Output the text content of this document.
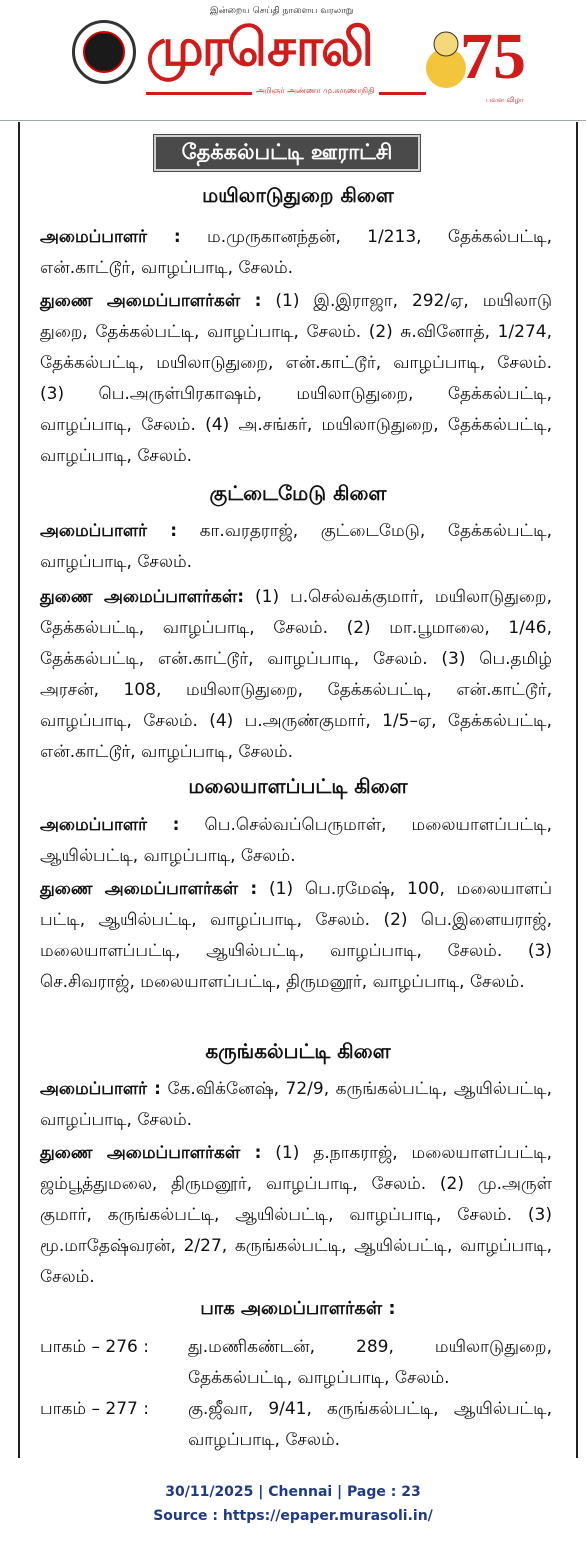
இன்றைய செய்தி நாளைய வரலாறு
முரசொலி
அறிஞர் அண்ணா மு.கருணாநிதி 75
பவள விழா
தேக்கல்பட்டி ஊராட்சி
மயிலாடுதுறை கிளை
அமைப்பாளர் : ம.முருகானந்தன், 1/213, தேக்கல்பட்டி, என்.காட்டூர், வாழப்பாடி, சேலம்.
துணை அமைப்பாளர்கள் : (1) இ.இராஜா, 292/ஏ, மயிலாடு துறை, தேக்கல்பட்டி, வாழப்பாடி, சேலம். (2) சு.வினோத், 1/274, தேக்கல்பட்டி, மயிலாடுதுறை, என்.காட்டூர், வாழப்பாடி, சேலம். (3) பெ.அருள்பிரகாஷம், மயிலாடுதுறை, தேக்கல்பட்டி, வாழப்பாடி, சேலம். (4) அ.சங்கர், மயிலாடுதுறை, தேக்கல்பட்டி, வாழப்பாடி, சேலம்.
குட்டைமேடு கிளை
அமைப்பாளர் : கா.வரதராஜ், குட்டைமேடு, தேக்கல்பட்டி, வாழப்பாடி, சேலம்.
துணை அமைப்பாளர்கள்: (1) ப.செல்வக்குமார், மயிலாடுதுறை, தேக்கல்பட்டி, வாழப்பாடி, சேலம். (2) மா.பூமாலை, 1/46, தேக்கல்பட்டி, என்.காட்டூர், வாழப்பாடி, சேலம். (3) பெ.தமிழ் அரசன், 108, மயிலாடுதுறை, தேக்கல்பட்டி, என்.காட்டூர், வாழப்பாடி, சேலம். (4) ப.அருண்குமார், 1/5–ஏ, தேக்கல்பட்டி, என்.காட்டூர், வாழப்பாடி, சேலம்.
மலையாளப்பட்டி கிளை
அமைப்பாளர் : பெ.செல்வப்பெருமாள், மலையாளப்பட்டி, ஆயில்பட்டி, வாழப்பாடி, சேலம்.
துணை அமைப்பாளர்கள் : (1) பெ.ரமேஷ், 100, மலையாளப் பட்டி, ஆயில்பட்டி, வாழப்பாடி, சேலம். (2) பெ.இளையராஜ், மலையாளப்பட்டி, ஆயில்பட்டி, வாழப்பாடி, சேலம். (3) செ.சிவராஜ், மலையாளப்பட்டி, திருமனூர், வாழப்பாடி, சேலம்.
கருங்கல்பட்டி கிளை
அமைப்பாளர் : கே.விக்னேஷ், 72/9, கருங்கல்பட்டி, ஆயில்பட்டி, வாழப்பாடி, சேலம்.
துணை அமைப்பாளர்கள் : (1) த.நாகராஜ், மலையாளப்பட்டி, ஜம்பூத்துமலை, திருமனூர், வாழப்பாடி, சேலம். (2) மு.அருள் குமார், கருங்கல்பட்டி, ஆயில்பட்டி, வாழப்பாடி, சேலம். (3) மூ.மாதேஷ்வரன், 2/27, கருங்கல்பட்டி, ஆயில்பட்டி, வாழப்பாடி, சேலம்.
பாக அமைப்பாளர்கள் :
பாகம் – 276 :	து.மணிகண்டன், 289, மயிலாடுதுறை, தேக்கல்பட்டி, வாழப்பாடி, சேலம்.
பாகம் – 277 :	கு.ஜீவா, 9/41, கருங்கல்பட்டி, ஆயில்பட்டி, வாழப்பாடி, சேலம்.
30/11/2025 | Chennai | Page : 23
Source : https://epaper.murasoli.in/
